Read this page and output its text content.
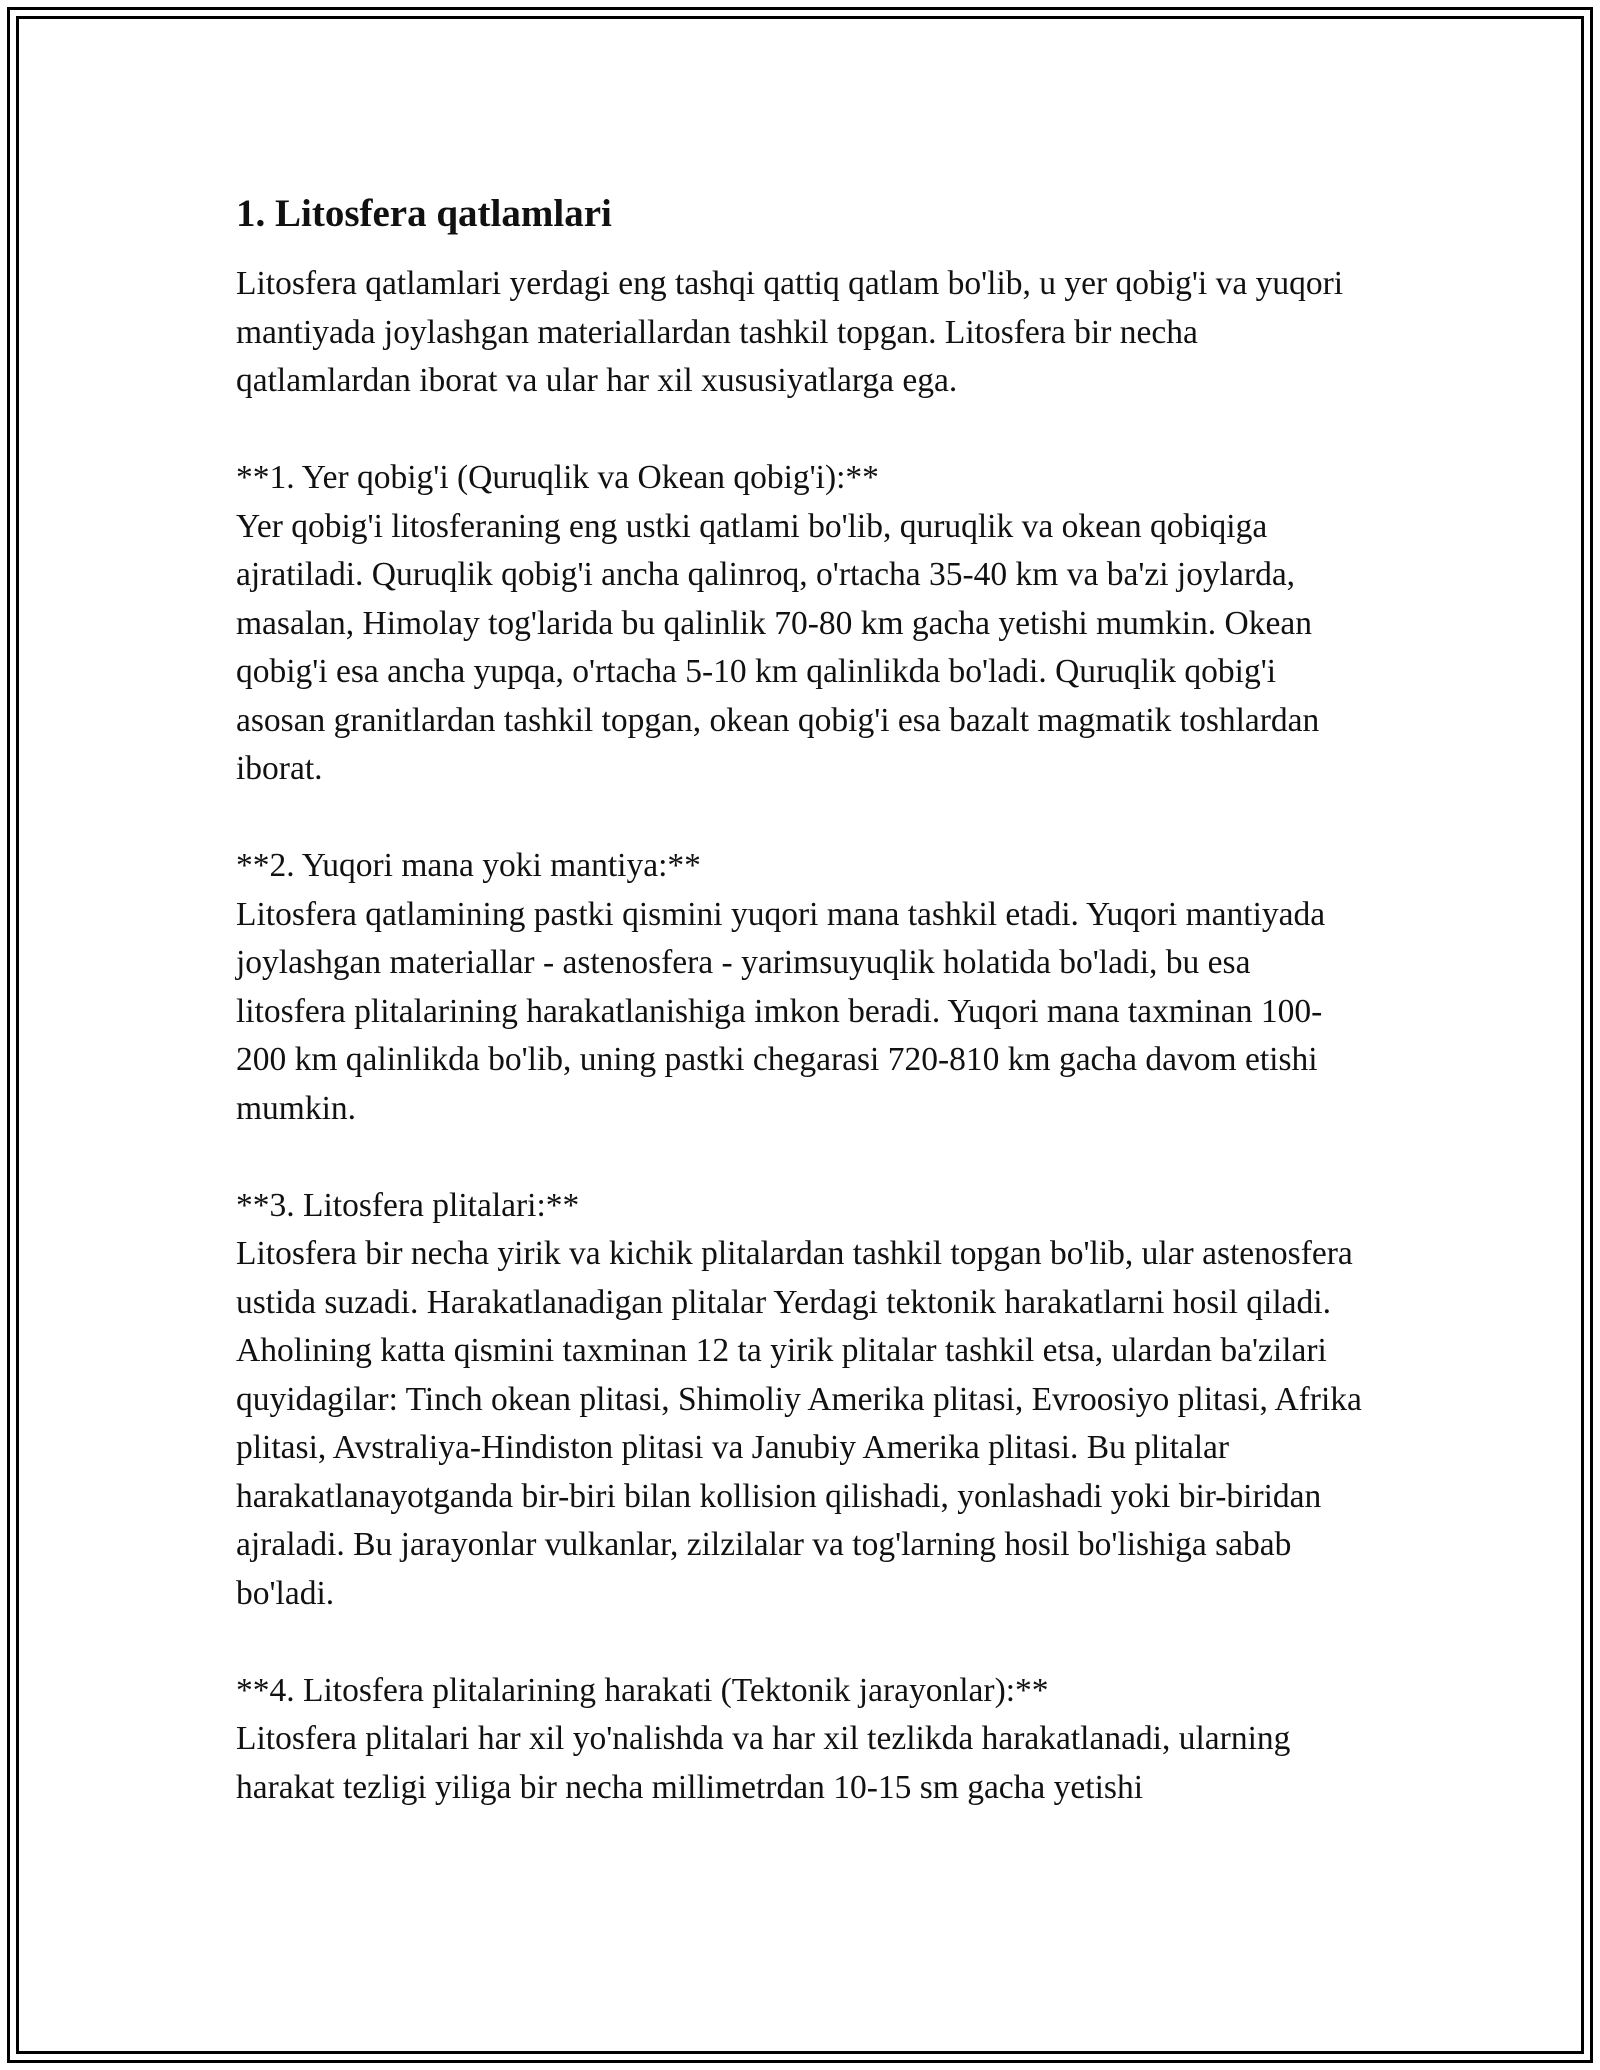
1. Litosfera qatlamlari

Litosfera qatlamlari yerdagi eng tashqi qattiq qatlam bo'lib, u yer qobig'i va yuqori mantiyada joylashgan materiallardan tashkil topgan. Litosfera bir necha qatlamlardan iborat va ular har xil xususiyatlarga ega.

**1. Yer qobig'i (Quruqlik va Okean qobig'i):**

Yer qobig'i litosferaning eng ustki qatlami bo'lib, quruqlik va okean qobiqiga ajratiladi. Quruqlik qobig'i ancha qalinroq, o'rtacha 35-40 km va ba'zi joylarda, masalan, Himolay tog'larida bu qalinlik 70-80 km gacha yetishi mumkin. Okean qobig'i esa ancha yupqa, o'rtacha 5-10 km qalinlikda bo'ladi. Quruqlik qobig'i asosan granitlardan tashkil topgan, okean qobig'i esa bazalt magmatik toshlardan iborat.

**2. Yuqori mana yoki mantiya:**

Litosfera qatlamining pastki qismini yuqori mana tashkil etadi. Yuqori mantiyada joylashgan materiallar - astenosfera - yarimsuyuqlik holatida bo'ladi, bu esa litosfera plitalarining harakatlanishiga imkon beradi. Yuqori mana taxminan 100-200 km qalinlikda bo'lib, uning pastki chegarasi 720-810 km gacha davom etishi mumkin.

**3. Litosfera plitalari:**

Litosfera bir necha yirik va kichik plitalardan tashkil topgan bo'lib, ular astenosfera ustida suzadi. Harakatlanadigan plitalar Yerdagi tektonik harakatlarni hosil qiladi. Aholining katta qismini taxminan 12 ta yirik plitalar tashkil etsa, ulardan ba'zilari quyidagilar: Tinch okean plitasi, Shimoliy Amerika plitasi, Evroosiyo plitasi, Afrika plitasi, Avstraliya-Hindiston plitasi va Janubiy Amerika plitasi. Bu plitalar harakatlanayotganda bir-biri bilan kollision qilishadi, yonlashadi yoki bir-biridan ajraladi. Bu jarayonlar vulkanlar, zilzilalar va tog'larning hosil bo'lishiga sabab bo'ladi.

**4. Litosfera plitalarining harakati (Tektonik jarayonlar):**

Litosfera plitalari har xil yo'nalishda va har xil tezlikda harakatlanadi, ularning harakat tezligi yiliga bir necha millimetrdan 10-15 sm gacha yetishi
